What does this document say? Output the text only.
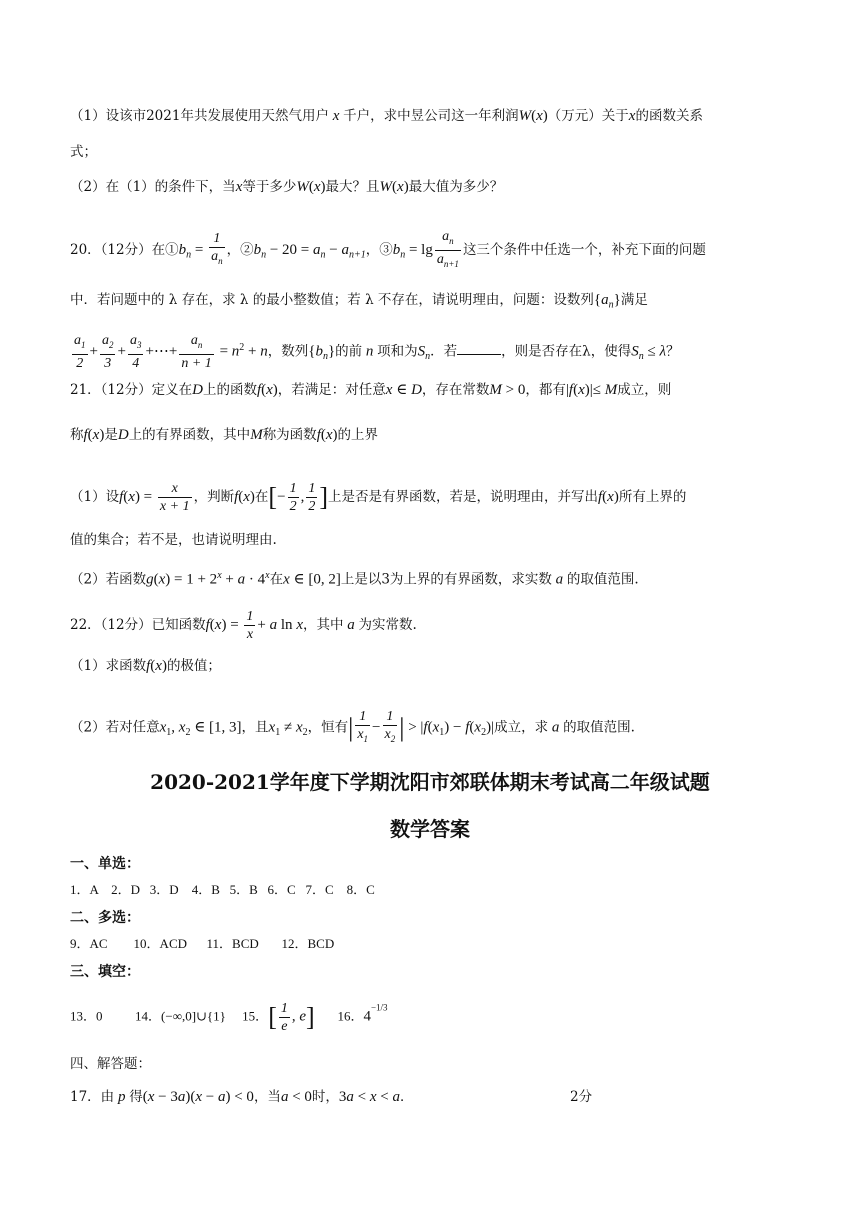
（1）设该市2021年共发展使用天然气用户 x 千户，求中昱公司这一年利润W(x)（万元）关于x的函数关系
式；
（2）在（1）的条件下，当x等于多少W(x)最大？且W(x)最大值为多少？
20．（12分）在$①b_n = \frac{1}{a_n}$ ，$②b_n - 20 = a_n - a_{n+1}$，$③b_n = \lg \frac{a_n}{a_{n+1}}$ 这三个条件中任选一个，补充下面的问题
中．若问题中的 λ 存在，求 λ 的最小整数值；若 λ 不存在，请说明理由，问题：设数列$\{a_n\}$满足
$\frac{a_1}{2} + \frac{a_2}{3} + \frac{a_3}{4}$ +⋯+ $\frac{a_n}{n + 1} = n^2 + n$，数列$\{b_n\}$的前 n 项和为$S_n$．若	，则是否存在λ，使得$S_n \le \lambda$？
21．（12分）定义在D上的函数f(x)，若满足：对任意x ∈ D，存在常数M > 0，都有|f(x)|≤ M成立，则
称f(x)是D上的有界函数，其中M称为函数f(x)的上界
（1）设$f(x) = \frac{x}{x + 1}$ ，判断f(x)在[− $\frac{1}{2}$ , $\frac{1}{2}$ ]上是否是有界函数，若是，说明理由，并写出f(x)所有上界的
值的集合；若不是，也请说明理由.
（2）若函数$g(x) = 1 + 2^x + a \cdot 4^x$在x ∈ [0, 2]上是以3为上界的有界函数，求实数 a 的取值范围.
22．（12分）已知函数$f(x) = \frac{1}{x} + a$ ln x，其中 a 为实常数.
（1）求函数f(x)的极值；
（2）若对任意$x_1$, $x_2$ ∈ [1, 3]，且$x_1 \ne x_2$，恒有| $\frac{1}{x_1} - \frac{1}{x_2}$ | > $|f(x_1) - f(x_2)|$成立，求 a 的取值范围.
2020-2021学年度下学期沈阳市郊联体期末考试高二年级试题
数学答案
一、单选：
1．A    2．D   3．D    4．B   5．B   6．C   7．C    8．C
二、多选：
9．AC        10．ACD      11．BCD       12．BCD
三、填空：
13．0	14．(−∞,0]∪{1} 15．[ $\frac{1}{e}$ , e] 16．$4^{-1/3}$
四、解答题：
17．由 p 得(x − 3a)(x − a) < 0，当a < 0时，3a < x < a．	2分
